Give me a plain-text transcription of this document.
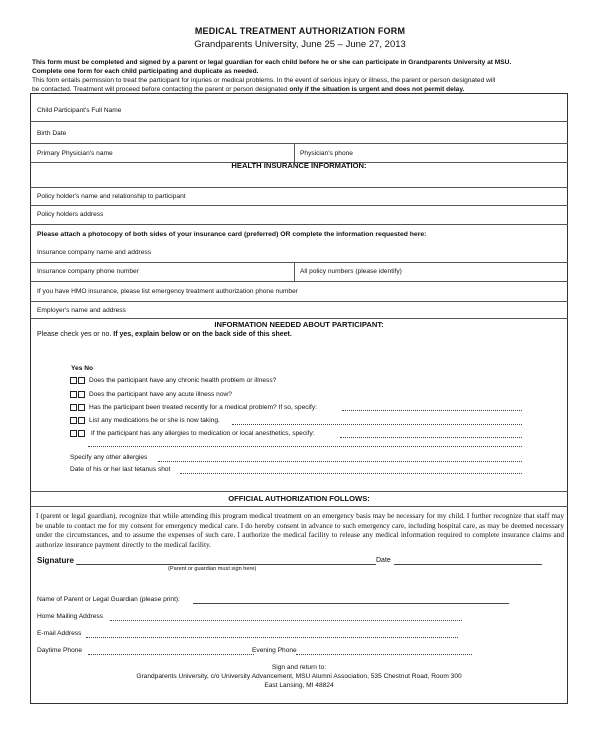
MEDICAL TREATMENT AUTHORIZATION FORM
Grandparents University, June 25 – June 27, 2013
This form must be completed and signed by a parent or legal guardian for each child before he or she can participate in Grandparents University at MSU.
Complete one form for each child participating and duplicate as needed.
This form entails permission to treat the participant for injuries or medical problems. In the event of serious injury or illness, the parent or person designated will
be contacted. Treatment will proceed before contacting the parent or person designated only if the situation is urgent and does not permit delay.
Child Participant's Full Name
Birth Date
Primary Physician's name	Physician's phone
HEALTH INSURANCE INFORMATION:
Policy holder's name and relationship to participant
Policy holders address
Please attach a photocopy of both sides of your insurance card (preferred) OR complete the information requested here:
Insurance company name and address
Insurance company phone number	All policy numbers (please identify)
If you have HMO insurance, please list emergency treatment authorization phone number
Employer's name and address
INFORMATION NEEDED ABOUT PARTICIPANT:
Please check yes or no. If yes, explain below or on the back side of this sheet.
Yes No
Does the participant have any chronic health problem or illness?
Does the participant have any acute illness now?
Has the participant been treated recently for a medical problem? If so, specify:
List any medications he or she is now taking.
If the participant has any allergies to medication or local anesthetics, specify:
Specify any other allergies
Date of his or her last tetanus shot
OFFICIAL AUTHORIZATION FOLLOWS:
I (parent or legal guardian), recognize that while attending this program medical treatment on an emergency basis may be necessary for my child. I further recognize that staff may be unable to contact me for my consent for emergency medical care. I do hereby consent in advance to such emergency care, including hospital care, as may be deemed necessary under the circumstances, and to assume the expenses of such care. I authorize the medical facility to release any medical information required to complete insurance claims and authorize insurance payment directly to the medical facility.
Signature	Date
(Parent or guardian must sign here)
Name of Parent or Legal Guardian (please print):
Home Mailing Address
E-mail Address
Daytime Phone	Evening Phone
Sign and return to:
Grandparents University, c/o University Advancement, MSU Alumni Association, 535 Chestnut Road, Room 300
East Lansing, MI 48824
